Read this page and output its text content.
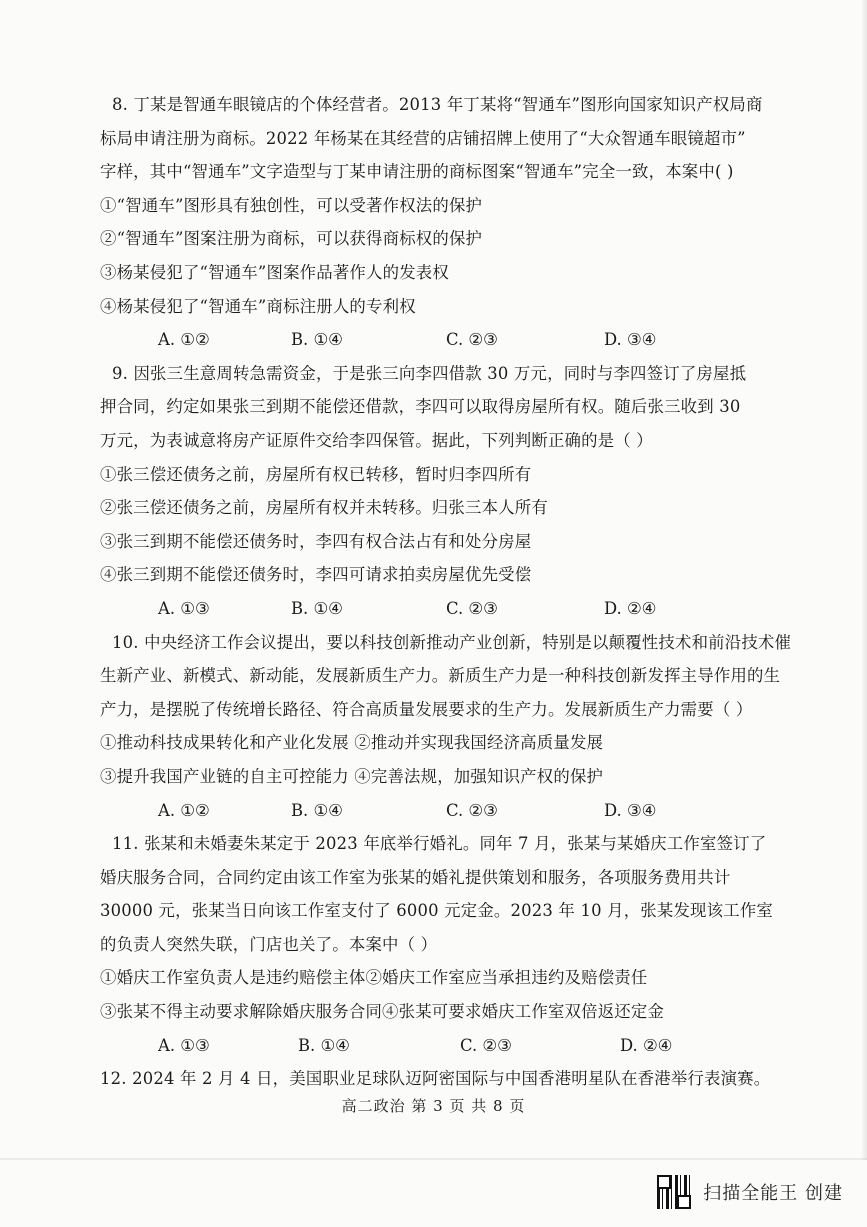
8. 丁某是智通车眼镜店的个体经营者。2013 年丁某将“智通车”图形向国家知识产权局商
标局申请注册为商标。2022 年杨某在其经营的店铺招牌上使用了“大众智通车眼镜超市”
字样，其中“智通车”文字造型与丁某申请注册的商标图案“智通车”完全一致，本案中( )
①“智通车”图形具有独创性，可以受著作权法的保护
②“智通车”图案注册为商标，可以获得商标权的保护
③杨某侵犯了“智通车”图案作品著作人的发表权
④杨某侵犯了“智通车”商标注册人的专利权
A. ①②	B. ①④	C. ②③	D. ③④
9. 因张三生意周转急需资金，于是张三向李四借款 30 万元，同时与李四签订了房屋抵
押合同，约定如果张三到期不能偿还借款，李四可以取得房屋所有权。随后张三收到 30
万元，为表诚意将房产证原件交给李四保管。据此，下列判断正确的是（ ）
①张三偿还债务之前，房屋所有权已转移，暂时归李四所有
②张三偿还债务之前，房屋所有权并未转移。归张三本人所有
③张三到期不能偿还债务时，李四有权合法占有和处分房屋
④张三到期不能偿还债务时，李四可请求拍卖房屋优先受偿
A. ①③	B. ①④	C. ②③	D. ②④
10. 中央经济工作会议提出，要以科技创新推动产业创新，特别是以颠覆性技术和前沿技术催
生新产业、新模式、新动能，发展新质生产力。新质生产力是一种科技创新发挥主导作用的生
产力，是摆脱了传统增长路径、符合高质量发展要求的生产力。发展新质生产力需要（ ）
①推动科技成果转化和产业化发展 ②推动并实现我国经济高质量发展
③提升我国产业链的自主可控能力 ④完善法规，加强知识产权的保护
A. ①②	B. ①④	C. ②③	D. ③④
11. 张某和未婚妻朱某定于 2023 年底举行婚礼。同年 7 月，张某与某婚庆工作室签订了
婚庆服务合同，合同约定由该工作室为张某的婚礼提供策划和服务，各项服务费用共计
30000 元，张某当日向该工作室支付了 6000 元定金。2023 年 10 月，张某发现该工作室
的负责人突然失联，门店也关了。本案中（ ）
①婚庆工作室负责人是违约赔偿主体②婚庆工作室应当承担违约及赔偿责任
③张某不得主动要求解除婚庆服务合同④张某可要求婚庆工作室双倍返还定金
A. ①③	B. ①④	C. ②③	D. ②④
12. 2024 年 2 月 4 日，美国职业足球队迈阿密国际与中国香港明星队在香港举行表演赛。
高二政治 第 3 页 共 8 页
扫描全能王 创建
